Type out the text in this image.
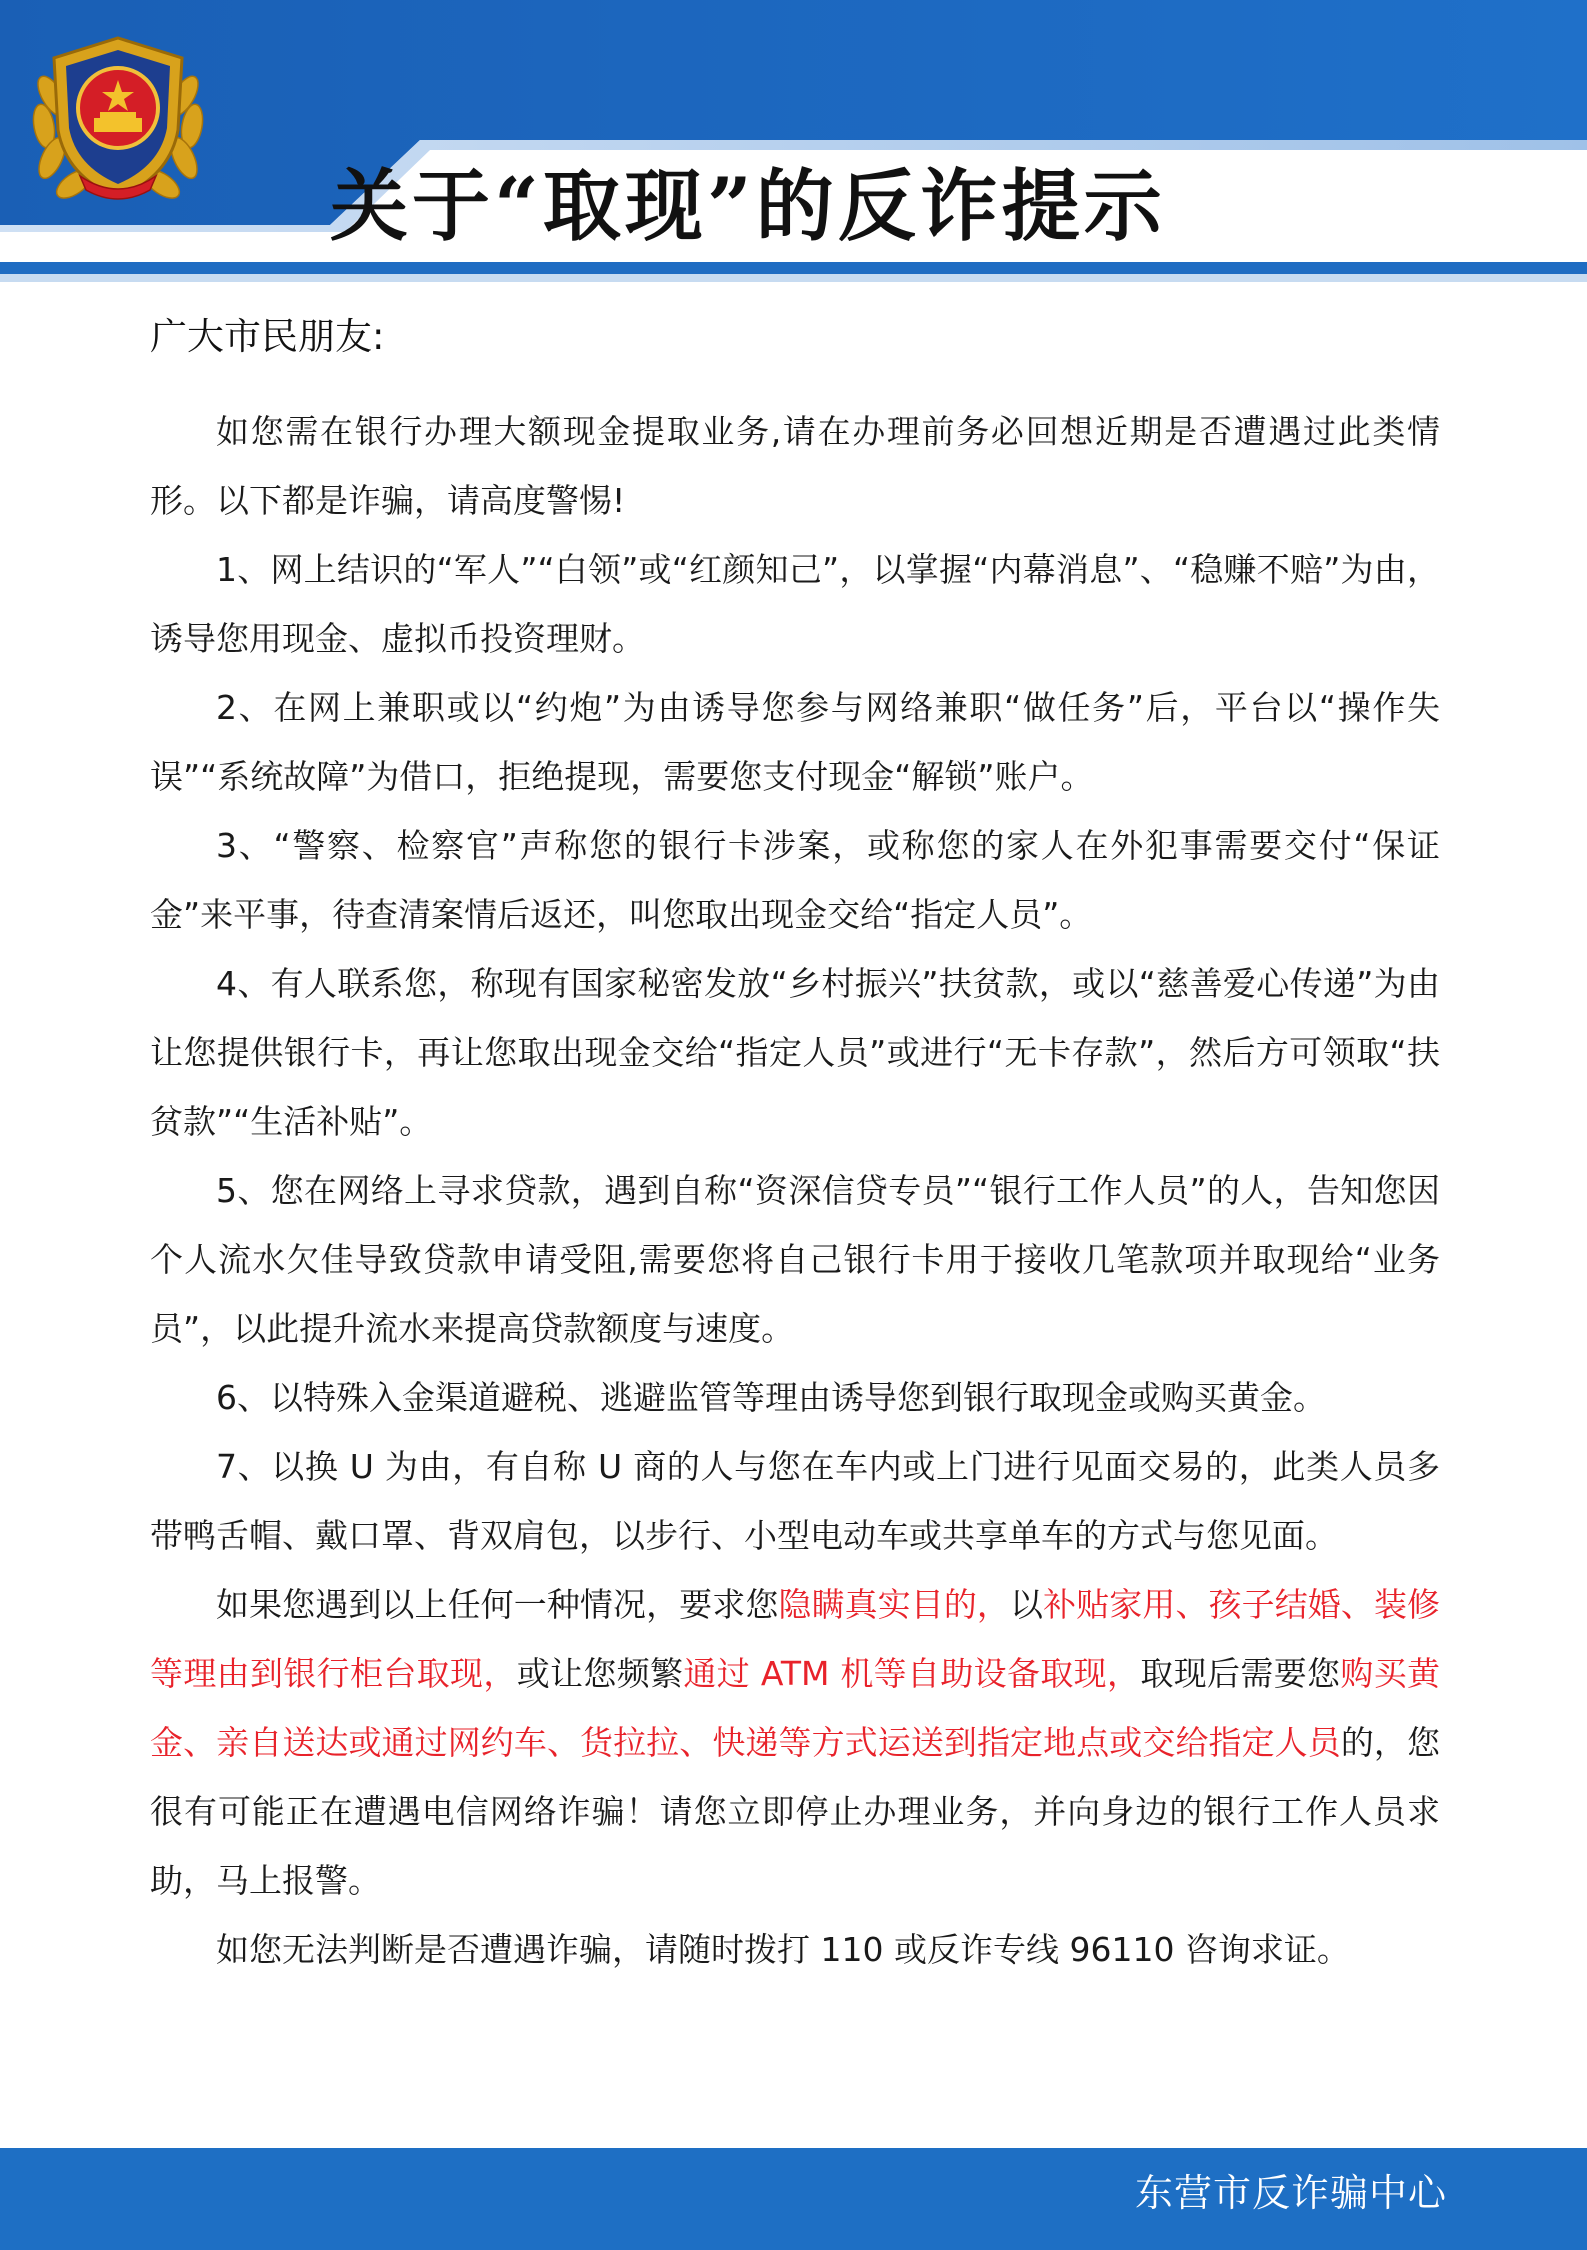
关于“取现”的反诈提示
广大市民朋友:

如您需在银行办理大额现金提取业务,请在办理前务必回想近期是否遭遇过此类情形。以下都是诈骗，请高度警惕!

1、网上结识的“军人”“白领”或“红颜知己”，以掌握“内幕消息”、“稳赚不赔”为由，诱导您用现金、虚拟币投资理财。

2、在网上兼职或以“约炮”为由诱导您参与网络兼职“做任务”后，平台以“操作失误”“系统故障”为借口，拒绝提现，需要您支付现金“解锁”账户。

3、“警察、检察官”声称您的银行卡涉案，或称您的家人在外犯事需要交付“保证金”来平事，待查清案情后返还，叫您取出现金交给“指定人员”。

4、有人联系您，称现有国家秘密发放“乡村振兴”扶贫款，或以“慈善爱心传递”为由让您提供银行卡，再让您取出现金交给“指定人员”或进行“无卡存款”，然后方可领取“扶贫款”“生活补贴”。

5、您在网络上寻求贷款，遇到自称“资深信贷专员”“银行工作人员”的人，告知您因个人流水欠佳导致贷款申请受阻,需要您将自己银行卡用于接收几笔款项并取现给“业务员”，以此提升流水来提高贷款额度与速度。

6、以特殊入金渠道避税、逃避监管等理由诱导您到银行取现金或购买黄金。

7、以换 U 为由，有自称 U 商的人与您在车内或上门进行见面交易的，此类人员多带鸭舌帽、戴口罩、背双肩包，以步行、小型电动车或共享单车的方式与您见面。

如果您遇到以上任何一种情况，要求您隐瞒真实目的，以补贴家用、孩子结婚、装修等理由到银行柜台取现，或让您频繁通过 ATM 机等自助设备取现，取现后需要您购买黄金、亲自送达或通过网约车、货拉拉、快递等方式运送到指定地点或交给指定人员的，您很有可能正在遭遇电信网络诈骗！请您立即停止办理业务，并向身边的银行工作人员求助，马上报警。

如您无法判断是否遭遇诈骗，请随时拨打 110 或反诈专线 96110 咨询求证。

东营市反诈骗中心
